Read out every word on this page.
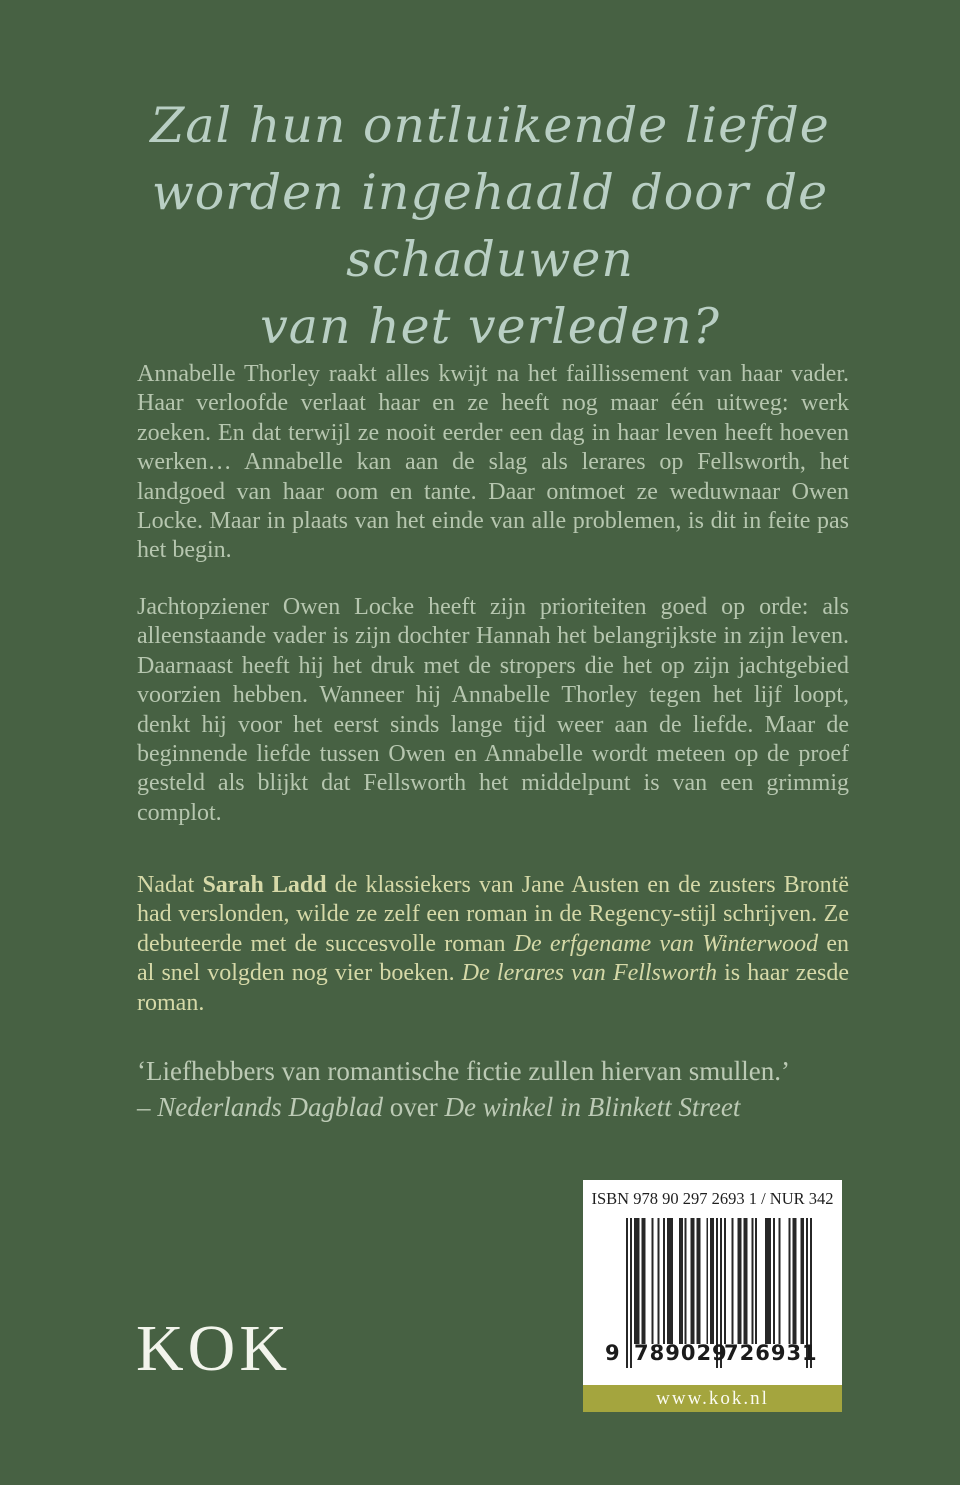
Zal hun ontluikende liefde
worden ingehaald door de schaduwen
van het verleden?

Annabelle Thorley raakt alles kwijt na het faillissement van haar vader. Haar verloofde verlaat haar en ze heeft nog maar één uitweg: werk zoeken. En dat terwijl ze nooit eerder een dag in haar leven heeft hoeven werken… Annabelle kan aan de slag als lerares op Fellsworth, het landgoed van haar oom en tante. Daar ontmoet ze weduwnaar Owen Locke. Maar in plaats van het einde van alle problemen, is dit in feite pas het begin.

Jachtopziener Owen Locke heeft zijn prioriteiten goed op orde: als alleenstaande vader is zijn dochter Hannah het belangrijkste in zijn leven. Daarnaast heeft hij het druk met de stropers die het op zijn jachtgebied voorzien hebben. Wanneer hij Annabelle Thorley tegen het lijf loopt, denkt hij voor het eerst sinds lange tijd weer aan de liefde. Maar de beginnende liefde tussen Owen en Annabelle wordt meteen op de proef gesteld als blijkt dat Fellsworth het middelpunt is van een grimmig complot.

Nadat Sarah Ladd de klassiekers van Jane Austen en de zusters Brontë had verslonden, wilde ze zelf een roman in de Regency-stijl schrijven. Ze debuteerde met de succesvolle roman De erfgename van Winterwood en al snel volgden nog vier boeken. De lerares van Fellsworth is haar zesde roman.

‘Liefhebbers van romantische fictie zullen hiervan smullen.’
– Nederlands Dagblad over De winkel in Blinkett Street
KOK
ISBN 978 90 297 2693 1 / NUR 342
9 789029
726931
www.kok.nl
